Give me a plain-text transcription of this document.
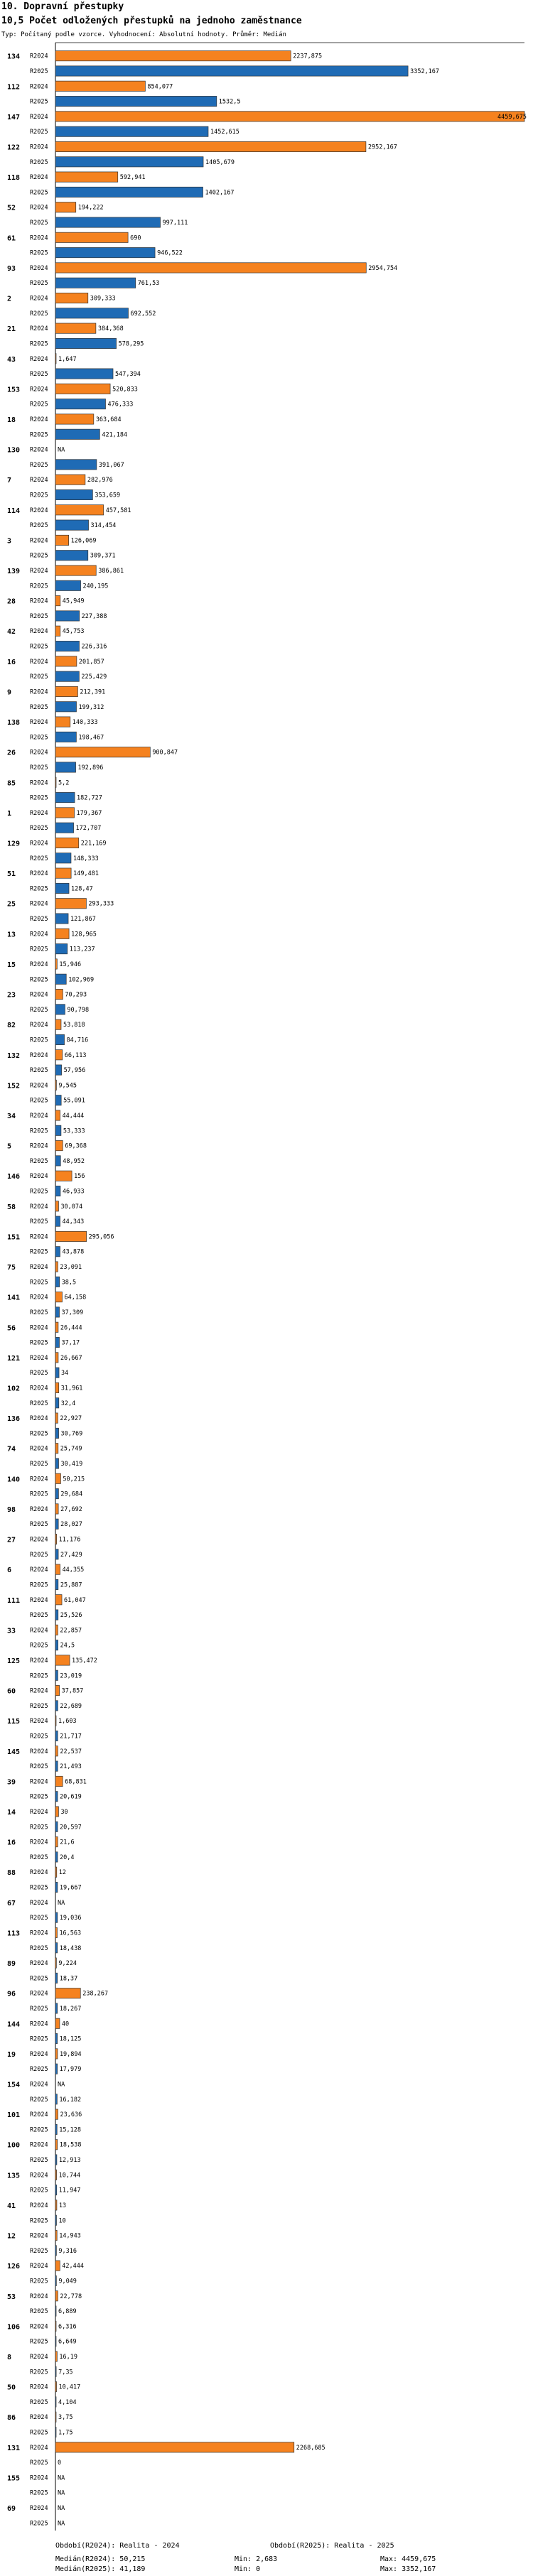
10. Dopravní přestupky
10,5 Počet odložených přestupků na jednoho zaměstnance
Typ: Počítaný podle vzorce. Vyhodnocení: Absolutní hodnoty. Průměr: Medián
134 R2024
R2025
2237,875
3352,167
112 R2024
R2025
854,077
1532,5
147 R2024
R2025
4459,675
1452,615
122 R2024
R2025
2952,167
1405,679
118 R2024
R2025
592,941
1402,167
52 R2024
R2025
194,222
997,111
61 R2024
R2025
690
946,522
93 R2024
R2025
2954,754
761,53
2	R2024
R2025
309,333
692,552
21 R2024
R2025
384,368
578,295
43 R2024
R2025
1,647
547,394
153 R2024
R2025
520,833
476,333
18 R2024
R2025
363,684
421,184
130 R2024
R2025
NA
391,067
7	R2024
R2025
282,976
353,659
114 R2024
R2025
457,581
314,454
3	R2024
R2025
126,069
309,371
139 R2024
R2025
386,861
240,195
28 R2024
R2025
45,949
227,388
42 R2024
R2025
45,753
226,316
16 R2024
R2025
201,857
225,429
9	R2024
R2025
212,391
199,312
138 R2024
R2025
140,333
198,467
26 R2024
R2025
900,847
192,896
85 R2024
R2025
5,2
182,727
1	R2024
R2025
179,367
172,707
129 R2024
R2025
221,169
148,333
51 R2024
R2025
149,481
128,47
25 R2024
R2025
293,333
121,867
13 R2024
R2025
128,965
113,237
15 R2024
R2025
15,946
102,969
23 R2024
R2025
70,293
90,798
82 R2024
R2025
53,818
84,716
132 R2024
R2025
66,113
57,956
152 R2024
R2025
9,545
55,091
34 R2024
R2025
44,444
53,333
5	R2024
R2025
69,368
48,952
146 R2024
R2025
156
46,933
58 R2024
R2025
30,074
44,343
151 R2024
R2025
295,056
43,878
75 R2024
R2025
23,091
38,5
141 R2024
R2025
64,158
37,309
56 R2024
R2025
26,444
37,17
121 R2024
R2025
26,667
34
102 R2024
R2025
31,961
32,4
136 R2024
R2025
22,927
30,769
74 R2024
R2025
25,749
30,419
140 R2024
R2025
50,215
29,684
98 R2024
R2025
27,692
28,027
27 R2024
R2025
11,176
27,429
6	R2024
R2025
44,355
25,887
111 R2024
R2025
61,047
25,526
33 R2024
R2025
22,857
24,5
125 R2024
R2025
135,472
23,019
60 R2024
R2025
37,857
22,689
115 R2024
R2025
1,603
21,717
145 R2024
R2025
22,537
21,493
39 R2024
R2025
68,831
20,619
14 R2024
R2025
30
20,597
16 R2024
R2025
21,6
20,4
88 R2024
R2025
12
19,667
67 R2024
R2025
NA
19,036
113 R2024
R2025
16,563
18,438
89 R2024
R2025
9,224
18,37
96 R2024
R2025
238,267
18,267
144 R2024
R2025
40
18,125
19 R2024
R2025
19,894
17,979
154 R2024
R2025
NA
16,182
101 R2024
R2025
23,636
15,128
100 R2024
R2025
18,538
12,913
135 R2024
R2025
10,744
11,947
41 R2024
R2025
13
10
12 R2024
R2025
14,943
9,316
126 R2024
R2025
42,444
9,049
53 R2024
R2025
22,778
6,889
106 R2024
R2025
6,316
6,649
8	R2024
R2025
16,19
7,35
50 R2024
R2025
10,417
4,104
86 R2024
R2025
3,75
1,75
131 R2024
R2025
2268,685
0
155 R2024
R2025
NA
NA
69 R2024
R2025
NA
NA
Období(R2024): Realita - 2024	Období(R2025): Realita - 2025
Medián(R2024): 50,215
Medián(R2025): 41,189
Min: 2,683
Min: 0
Max: 4459,675
Max: 3352,167
